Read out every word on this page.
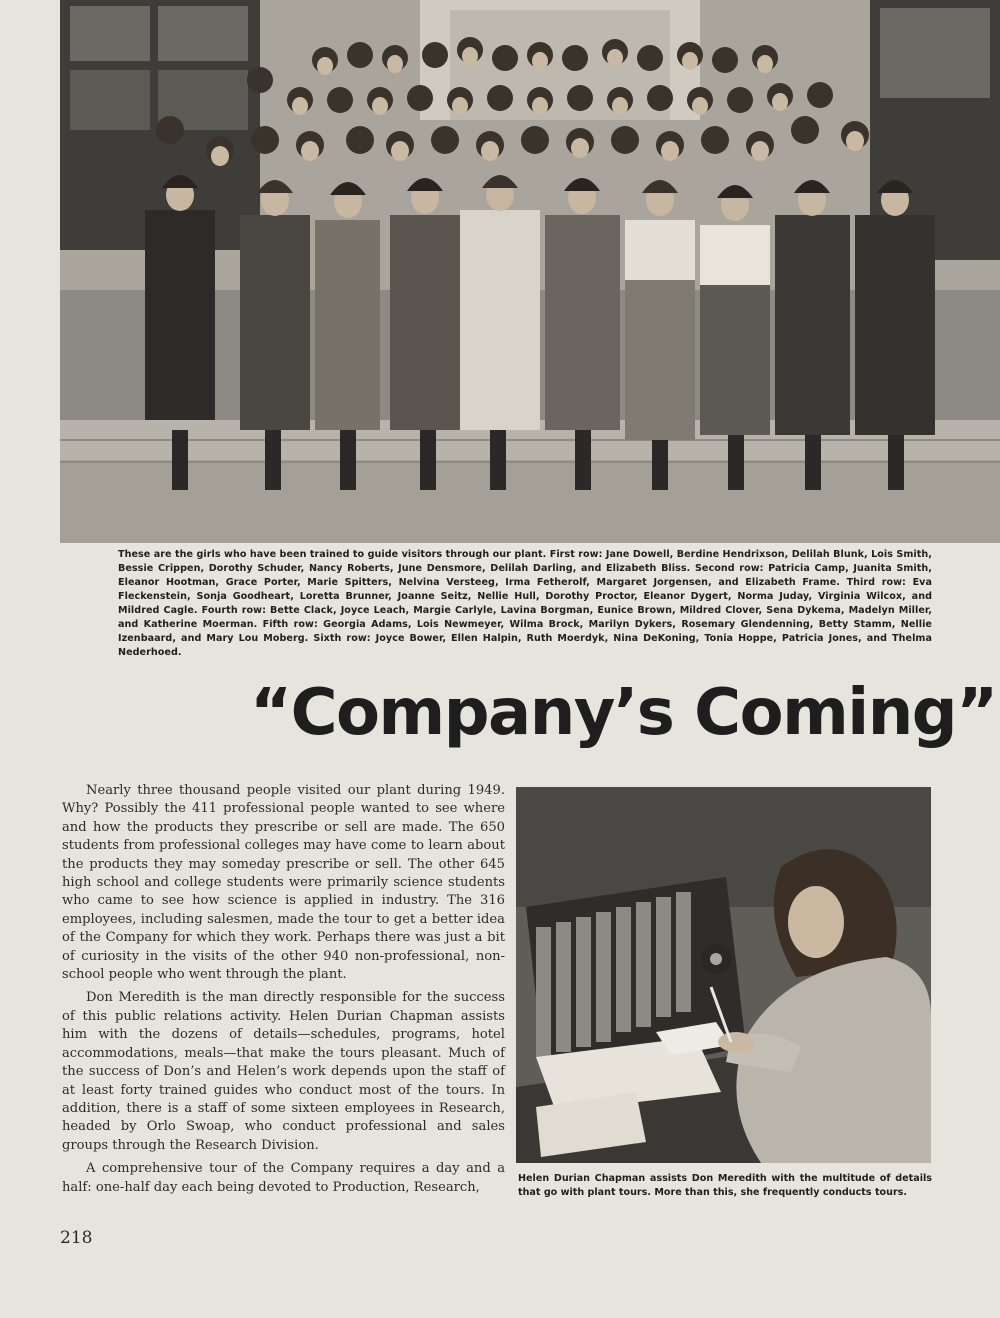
These are the girls who have been trained to guide visitors through our plant. First row: Jane Dowell, Berdine Hendrixson, Delilah Blunk, Lois Smith, Bessie Crippen, Dorothy Schuder, Nancy Roberts, June Densmore, Delilah Darling, and Elizabeth Bliss. Second row: Patricia Camp, Juanita Smith, Eleanor Hootman, Grace Porter, Marie Spitters, Nelvina Versteeg, Irma Fetherolf, Margaret Jorgensen, and Elizabeth Frame. Third row: Eva Fleckenstein, Sonja Goodheart, Loretta Brunner, Joanne Seitz, Nellie Hull, Dorothy Proctor, Eleanor Dygert, Norma Juday, Virginia Wilcox, and Mildred Cagle. Fourth row: Bette Clack, Joyce Leach, Margie Carlyle, Lavina Borgman, Eunice Brown, Mildred Clover, Sena Dykema, Madelyn Miller, and Katherine Moerman. Fifth row: Georgia Adams, Lois Newmeyer, Wilma Brock, Marilyn Dykers, Rosemary Glendenning, Betty Stamm, Nellie Izenbaard, and Mary Lou Moberg. Sixth row: Joyce Bower, Ellen Halpin, Ruth Moerdyk, Nina DeKoning, Tonia Hoppe, Patricia Jones, and Thelma Nederhoed.
“Company’s Coming”

Nearly three thousand people visited our plant during 1949. Why? Possibly the 411 professional people wanted to see where and how the products they prescribe or sell are made. The 650 students from professional colleges may have come to learn about the products they may someday prescribe or sell. The other 645 high school and college students were primarily science students who came to see how science is applied in industry. The 316 employees, including salesmen, made the tour to get a better idea of the Company for which they work. Perhaps there was just a bit of curiosity in the visits of the other 940 non-professional, non-school people who went through the plant.

Don Meredith is the man directly responsible for the success of this public relations activity. Helen Durian Chapman assists him with the dozens of details—schedules, programs, hotel accommodations, meals—that make the tours pleasant. Much of the success of Don’s and Helen’s work depends upon the staff of at least forty trained guides who conduct most of the tours. In addition, there is a staff of some sixteen employees in Research, headed by Orlo Swoap, who conduct professional and sales groups through the Research Division.

A comprehensive tour of the Company requires a day and a half: one-half day each being devoted to Production, Research,

Helen Durian Chapman assists Don Meredith with the multitude of details that go with plant tours. More than this, she frequently conducts tours.
218
